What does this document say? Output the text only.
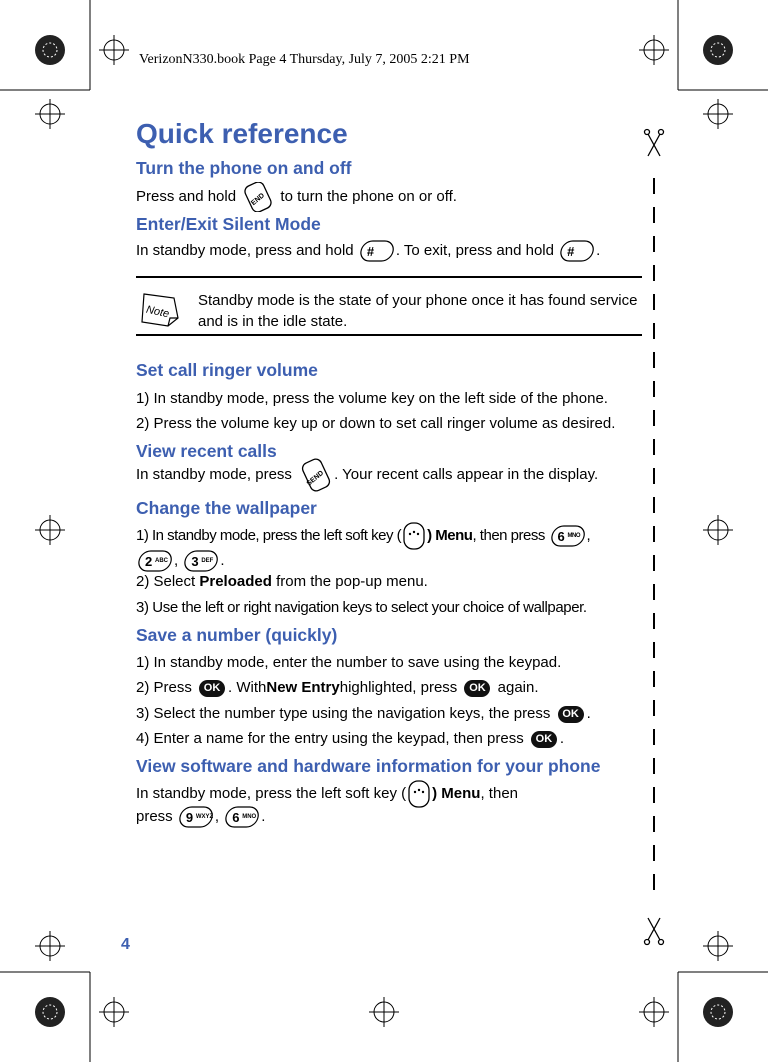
VerizonN330.book Page 4 Thursday, July 7, 2005 2:21 PM
Quick reference
Turn the phone on and off
Press and hold	END to turn the phone on or off.
Enter/Exit Silent Mode
In standby mode, press and hold # . To exit, press and hold # .
Note
Standby mode is the state of your phone once it has found service and is in the idle state.
Set call ringer volume
1) In standby mode, press the volume key on the left side of the phone.
2) Press the volume key up or down to set call ringer volume as desired.
View recent calls
In standby mode, press	SEND . Your recent calls appear in the display.
Change the wallpaper
1) In standby mode, press the left soft key ( ) Menu, then press 6 MNO ,
2 ABC , 3 DEF .
2) Select Preloaded from the pop-up menu.
3) Use the left or right navigation keys to select your choice of wallpaper.
Save a number (quickly)
1) In standby mode, enter the number to save using the keypad.
2) Press OK . WithNew Entryhighlighted, press OK again.
3) Select the number type using the navigation keys, the press OK .
4) Enter a name for the entry using the keypad, then press OK .
View software and hardware information for your phone
In standby mode, press the left soft key ( ) Menu, then
press 9 WXYZ , 6 MNO .
4
